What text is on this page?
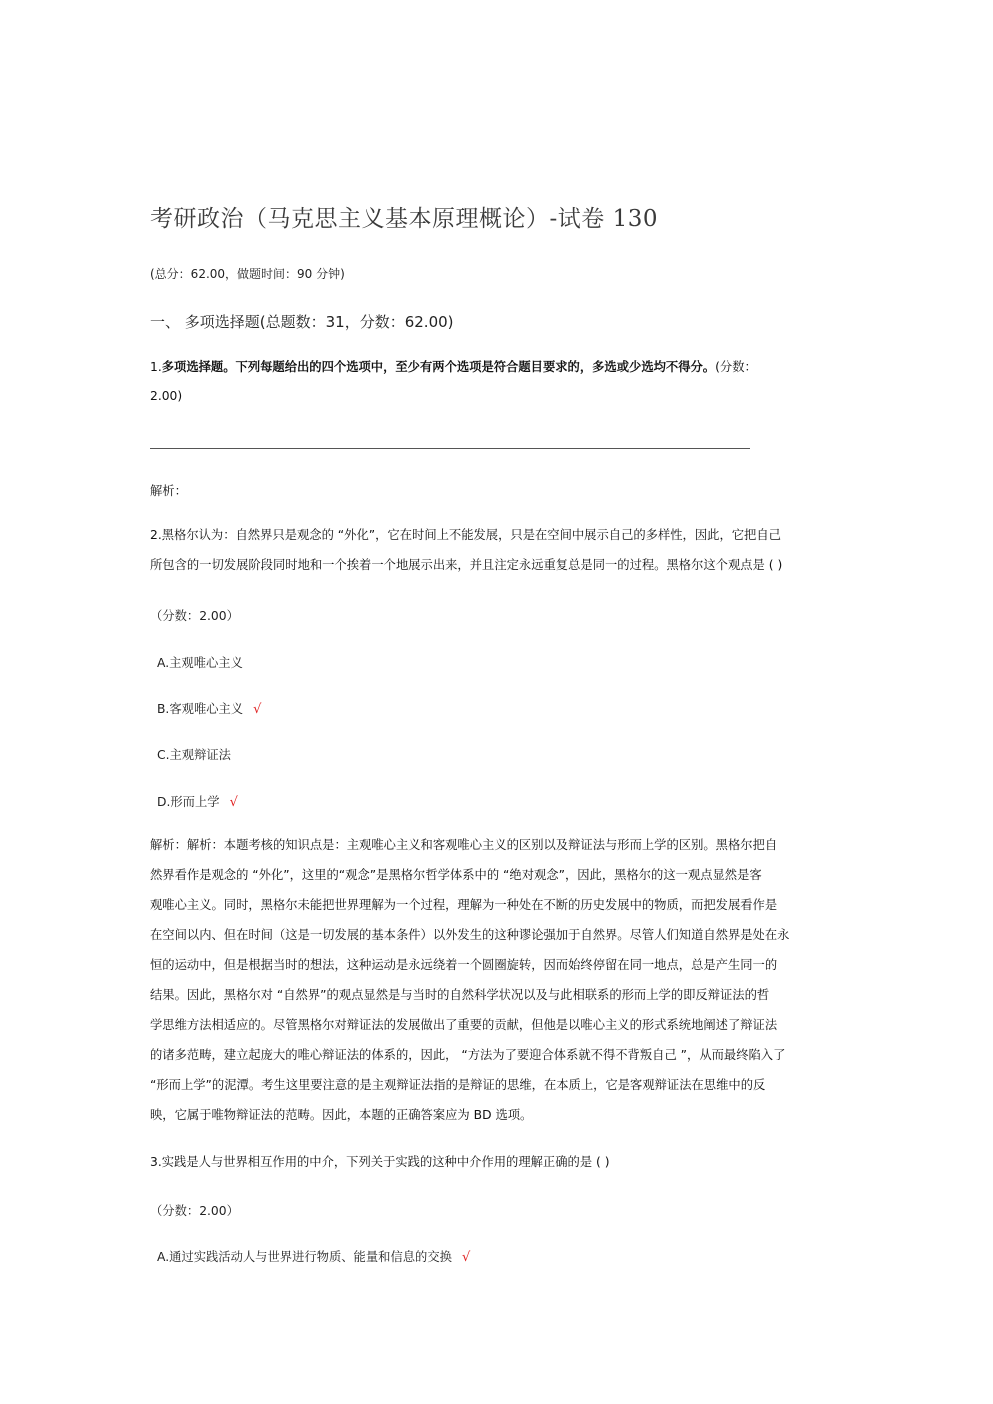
考研政治（马克思主义基本原理概论）-试卷 130
(总分：62.00，做题时间：90 分钟)
一、 多项选择题(总题数：31，分数：62.00)
1.多项选择题。下列每题给出的四个选项中，至少有两个选项是符合题目要求的，多选或少选均不得分。(分数：
2.00)
解析：
2.黑格尔认为：自然界只是观念的 “外化”，它在时间上不能发展，只是在空间中展示自己的多样性，因此，它把自己
所包含的一切发展阶段同时地和一个挨着一个地展示出来，并且注定永远重复总是同一的过程。黑格尔这个观点是 ( )
（分数：2.00）
A.主观唯心主义
B.客观唯心主义 √
C.主观辩证法
D.形而上学 √
解析：解析：本题考核的知识点是：主观唯心主义和客观唯心主义的区别以及辩证法与形而上学的区别。黑格尔把自
然界看作是观念的 “外化”，这里的“观念”是黑格尔哲学体系中的 “绝对观念”，因此，黑格尔的这一观点显然是客
观唯心主义。同时，黑格尔未能把世界理解为一个过程，理解为一种处在不断的历史发展中的物质，而把发展看作是
在空间以内、但在时间（这是一切发展的基本条件）以外发生的这种谬论强加于自然界。尽管人们知道自然界是处在永
恒的运动中，但是根据当时的想法，这种运动是永远绕着一个圆圈旋转，因而始终停留在同一地点，总是产生同一的
结果。因此，黑格尔对 “自然界”的观点显然是与当时的自然科学状况以及与此相联系的形而上学的即反辩证法的哲
学思维方法相适应的。尽管黑格尔对辩证法的发展做出了重要的贡献，但他是以唯心主义的形式系统地阐述了辩证法
的诸多范畴，建立起庞大的唯心辩证法的体系的，因此， “方法为了要迎合体系就不得不背叛自己 ”，从而最终陷入了
“形而上学”的泥潭。考生这里要注意的是主观辩证法指的是辩证的思维，在本质上，它是客观辩证法在思维中的反
映，它属于唯物辩证法的范畴。因此，本题的正确答案应为 BD 选项。
3.实践是人与世界相互作用的中介，下列关于实践的这种中介作用的理解正确的是 ( )
（分数：2.00）
A.通过实践活动人与世界进行物质、能量和信息的交换 √
